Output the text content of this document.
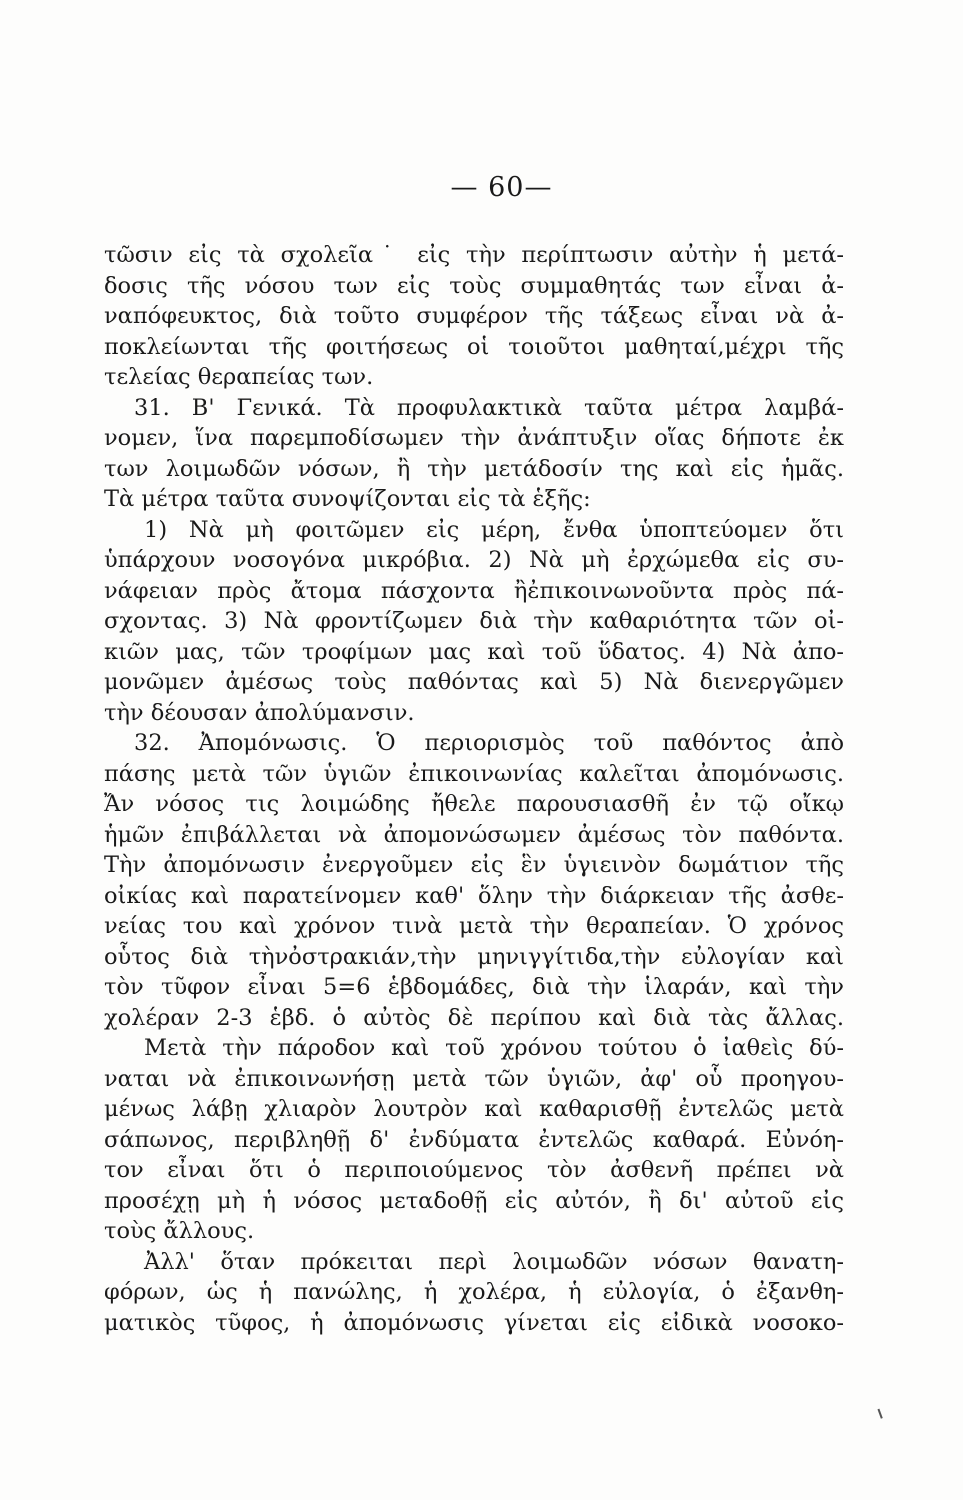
— 60—
τῶσιν εἰς τὰ σχολεῖα˙ εἰς τὴν περίπτωσιν αὐτὴν ἡ μετά-
δοσις τῆς νόσου των εἰς τοὺς συμμαθητάς των εἶναι ἀ-
ναπόφευκτος, διὰ τοῦτο συμφέρον τῆς τάξεως εἶναι νὰ ἀ-
ποκλείωνται τῆς φοιτήσεως οἱ τοιοῦτοι μαθηταί,μέχρι τῆς
τελείας θεραπείας των.
31. Β' Γενικά. Τὰ προφυλακτικὰ ταῦτα μέτρα λαμβά-
νομεν, ἵνα παρεμποδίσωμεν τὴν ἀνάπτυξιν οἵας δήποτε ἐκ
των λοιμωδῶν νόσων, ἢ τὴν μετάδοσίν της καὶ εἰς ἡμᾶς.
Τὰ μέτρα ταῦτα συνοψίζονται εἰς τὰ ἑξῆς:
1) Νὰ μὴ φοιτῶμεν εἰς μέρη, ἔνθα ὑποπτεύομεν ὅτι
ὑπάρχουν νοσογόνα μικρόβια. 2) Νὰ μὴ ἐρχώμεθα εἰς συ-
νάφειαν πρὸς ἄτομα πάσχοντα ἢἐπικοινωνοῦντα πρὸς πά-
σχοντας. 3) Νὰ φροντίζωμεν διὰ τὴν καθαριότητα τῶν οἰ-
κιῶν μας, τῶν τροφίμων μας καὶ τοῦ ὕδατος. 4) Νὰ ἀπο-
μονῶμεν ἀμέσως τοὺς παθόντας καὶ 5) Νὰ διενεργῶμεν
τὴν δέουσαν ἀπολύμανσιν.
32. Ἀπομόνωσις. Ὁ περιορισμὸς τοῦ παθόντος ἀπὸ
πάσης μετὰ τῶν ὑγιῶν ἐπικοινωνίας καλεῖται ἀπομόνωσις.
Ἄν νόσος τις λοιμώδης ἤθελε παρουσιασθῆ ἐν τῷ οἴκῳ
ἡμῶν ἐπιβάλλεται νὰ ἀπομονώσωμεν ἀμέσως τὸν παθόντα.
Τὴν ἀπομόνωσιν ἐνεργοῦμεν εἰς ἓν ὑγιεινὸν δωμάτιον τῆς
οἰκίας καὶ παρατείνομεν καθ' ὅλην τὴν διάρκειαν τῆς ἀσθε-
νείας του καὶ χρόνον τινὰ μετὰ τὴν θεραπείαν. Ὁ χρόνος
οὗτος διὰ τὴνὀστρακιάν,τὴν μηνιγγίτιδα,τὴν εὐλογίαν καὶ
τὸν τῦφον εἶναι 5=6 ἑβδομάδες, διὰ τὴν ἱλαράν, καὶ τὴν
χολέραν 2-3 ἑβδ. ὁ αὐτὸς δὲ περίπου καὶ διὰ τὰς ἄλλας.
Μετὰ τὴν πάροδον καὶ τοῦ χρόνου τούτου ὁ ἰαθεὶς δύ-
ναται νὰ ἐπικοινωνήσῃ μετὰ τῶν ὑγιῶν, ἀφ' οὗ προηγου-
μένως λάβῃ χλιαρὸν λουτρὸν καὶ καθαρισθῇ ἐντελῶς μετὰ
σάπωνος, περιβληθῇ δ' ἐνδύματα ἐντελῶς καθαρά. Εὐνόη-
τον εἶναι ὅτι ὁ περιποιούμενος τὸν ἀσθενῆ πρέπει νὰ
προσέχῃ μὴ ἡ νόσος μεταδοθῇ εἰς αὐτόν, ἢ δι' αὐτοῦ εἰς
τοὺς ἄλλους.
Ἀλλ' ὅταν πρόκειται περὶ λοιμωδῶν νόσων θανατη-
φόρων, ὡς ἡ πανώλης, ἡ χολέρα, ἡ εὐλογία, ὁ ἐξανθη-
ματικὸς τῦφος, ἡ ἀπομόνωσις γίνεται εἰς εἰδικὰ νοσοκο-
